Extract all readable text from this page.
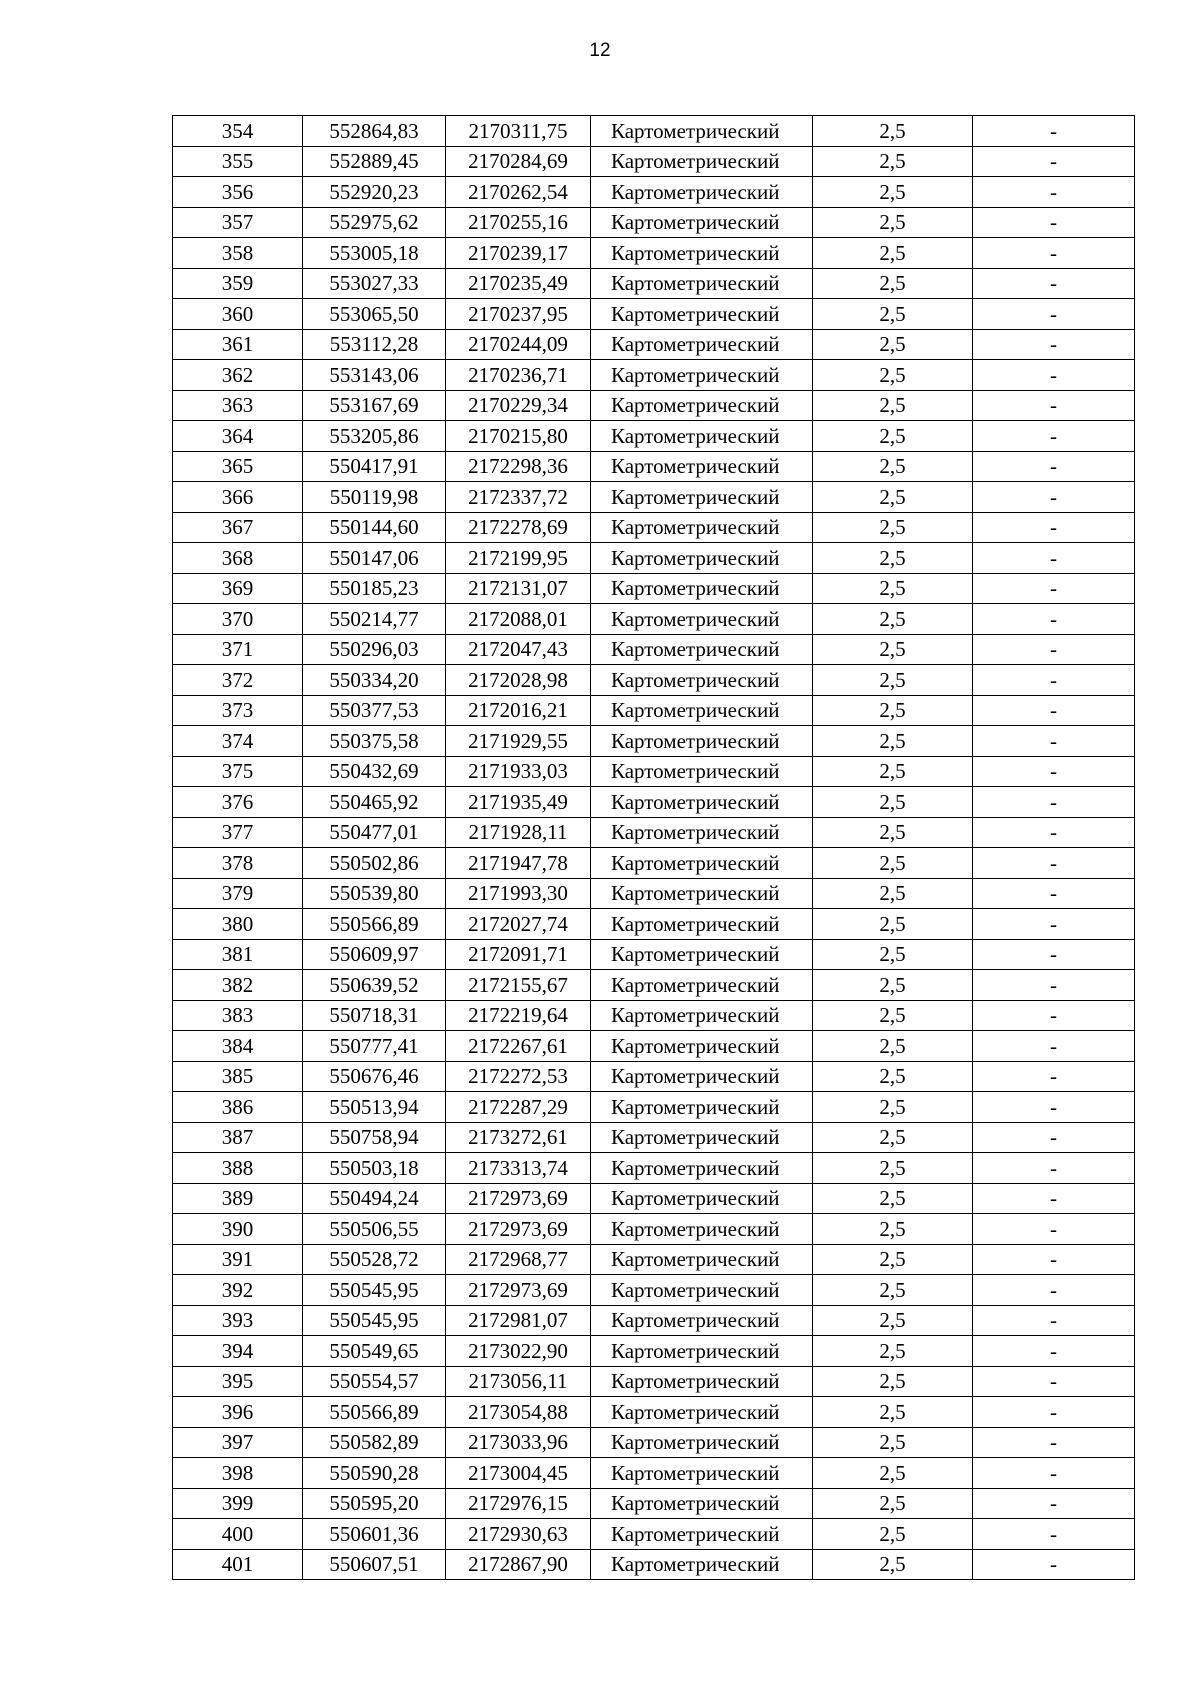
12
354	552864,83	2170311,75	Картометрический	2,5	-
355	552889,45	2170284,69	Картометрический	2,5	-
356	552920,23	2170262,54	Картометрический	2,5	-
357	552975,62	2170255,16	Картометрический	2,5	-
358	553005,18	2170239,17	Картометрический	2,5	-
359	553027,33	2170235,49	Картометрический	2,5	-
360	553065,50	2170237,95	Картометрический	2,5	-
361	553112,28	2170244,09	Картометрический	2,5	-
362	553143,06	2170236,71	Картометрический	2,5	-
363	553167,69	2170229,34	Картометрический	2,5	-
364	553205,86	2170215,80	Картометрический	2,5	-
365	550417,91	2172298,36	Картометрический	2,5	-
366	550119,98	2172337,72	Картометрический	2,5	-
367	550144,60	2172278,69	Картометрический	2,5	-
368	550147,06	2172199,95	Картометрический	2,5	-
369	550185,23	2172131,07	Картометрический	2,5	-
370	550214,77	2172088,01	Картометрический	2,5	-
371	550296,03	2172047,43	Картометрический	2,5	-
372	550334,20	2172028,98	Картометрический	2,5	-
373	550377,53	2172016,21	Картометрический	2,5	-
374	550375,58	2171929,55	Картометрический	2,5	-
375	550432,69	2171933,03	Картометрический	2,5	-
376	550465,92	2171935,49	Картометрический	2,5	-
377	550477,01	2171928,11	Картометрический	2,5	-
378	550502,86	2171947,78	Картометрический	2,5	-
379	550539,80	2171993,30	Картометрический	2,5	-
380	550566,89	2172027,74	Картометрический	2,5	-
381	550609,97	2172091,71	Картометрический	2,5	-
382	550639,52	2172155,67	Картометрический	2,5	-
383	550718,31	2172219,64	Картометрический	2,5	-
384	550777,41	2172267,61	Картометрический	2,5	-
385	550676,46	2172272,53	Картометрический	2,5	-
386	550513,94	2172287,29	Картометрический	2,5	-
387	550758,94	2173272,61	Картометрический	2,5	-
388	550503,18	2173313,74	Картометрический	2,5	-
389	550494,24	2172973,69	Картометрический	2,5	-
390	550506,55	2172973,69	Картометрический	2,5	-
391	550528,72	2172968,77	Картометрический	2,5	-
392	550545,95	2172973,69	Картометрический	2,5	-
393	550545,95	2172981,07	Картометрический	2,5	-
394	550549,65	2173022,90	Картометрический	2,5	-
395	550554,57	2173056,11	Картометрический	2,5	-
396	550566,89	2173054,88	Картометрический	2,5	-
397	550582,89	2173033,96	Картометрический	2,5	-
398	550590,28	2173004,45	Картометрический	2,5	-
399	550595,20	2172976,15	Картометрический	2,5	-
400	550601,36	2172930,63	Картометрический	2,5	-
401	550607,51	2172867,90	Картометрический	2,5	-
